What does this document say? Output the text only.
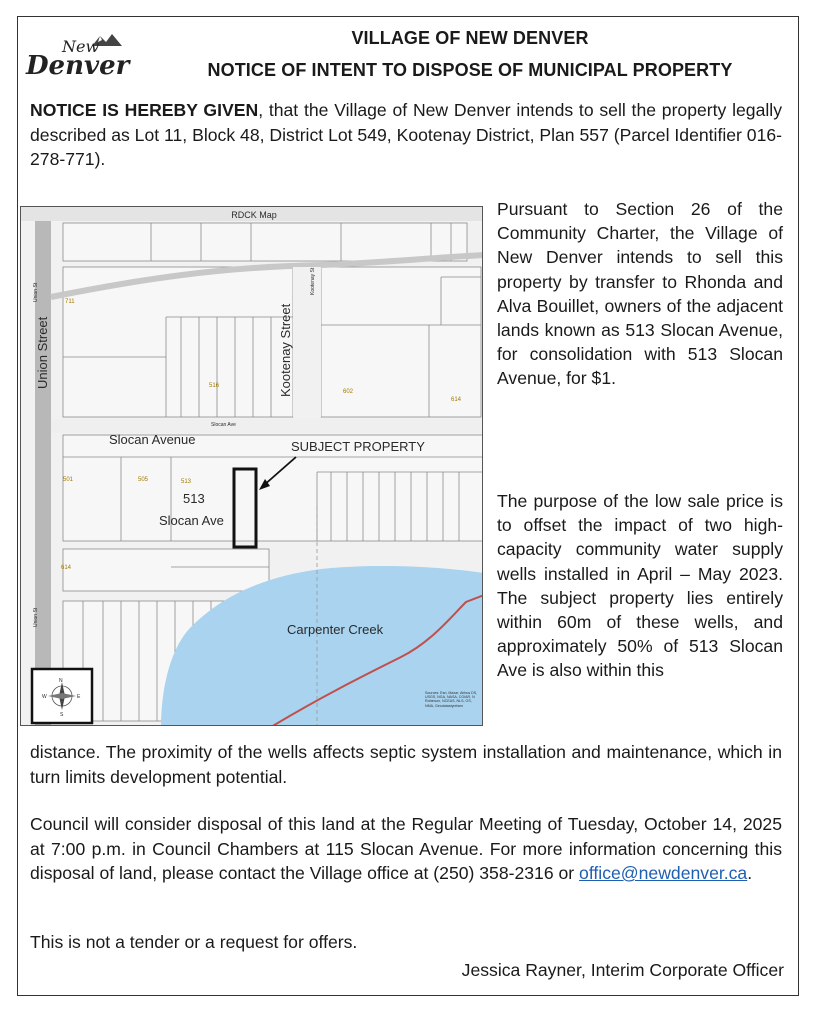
New
Denver
VILLAGE OF NEW DENVER
NOTICE OF INTENT TO DISPOSE OF MUNICIPAL PROPERTY
NOTICE IS HEREBY GIVEN, that the Village of New Denver intends to sell the property legally described as Lot 11, Block 48, District Lot 549, Kootenay District, Plan 557 (Parcel Identifier 016-278-771).
RDCK Map
Union Street
Union St
Union St
Kootenay Street
Kootenay St
Slocan Avenue
Slocan Ave
SUBJECT PROPERTY
513
Slocan Ave
Carpenter Creek
711
516
602
614
501	505	513
614
Sources: Esri, Maxar, Airbus DS, USGS, NGA, NASA, CGIAR, N Robinson, NCEAS, NLS, OS, NMA, Geodatastyrelsen
N
S
E
W
Pursuant to Section 26 of the Community Charter, the Village of New Denver intends to sell this property by transfer to Rhonda and Alva Bouillet, owners of the adjacent lands known as 513 Slocan Avenue, for consolidation with 513 Slocan Avenue, for $1.
The purpose of the low sale price is to offset the impact of two high-capacity community water supply wells installed in April – May 2023. The subject property lies entirely within 60m of these wells, and approximately 50% of 513 Slocan Ave is also within this
distance. The proximity of the wells affects septic system installation and maintenance, which in turn limits development potential.
Council will consider disposal of this land at the Regular Meeting of Tuesday, October 14, 2025 at 7:00 p.m. in Council Chambers at 115 Slocan Avenue. For more information concerning this disposal of land, please contact the Village office at (250) 358-2316 or office@newdenver.ca.
This is not a tender or a request for offers.
Jessica Rayner, Interim Corporate Officer
